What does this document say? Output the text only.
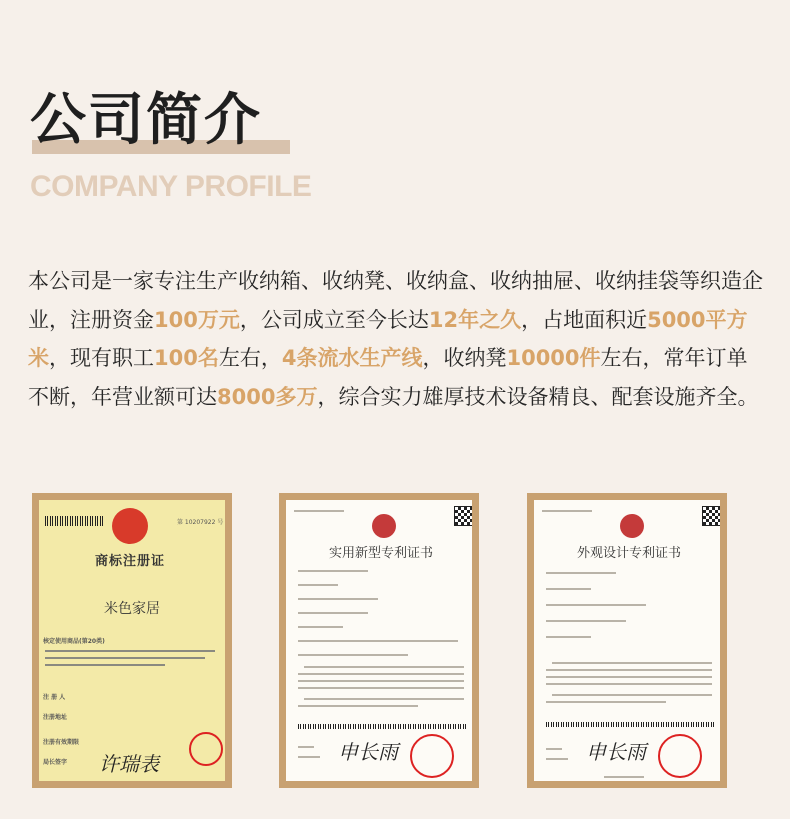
公司简介
COMPANY PROFILE
本公司是一家专注生产收纳箱、收纳凳、收纳盒、收纳抽屉、收纳挂袋等织造企业，注册资金100万元，公司成立至今长达12年之久，占地面积近5000平方米，现有职工100名左右，4条流水生产线，收纳凳10000件左右，常年订单不断，年营业额可达8000多万，综合实力雄厚技术设备精良、配套设施齐全。
第 10207922 号
商标注册证
米色家居
核定使用商品(第20类)
注 册 人
注册地址
注册有效期限
局长签字 许瑞表
实用新型专利证书
申长雨
外观设计专利证书
申长雨
